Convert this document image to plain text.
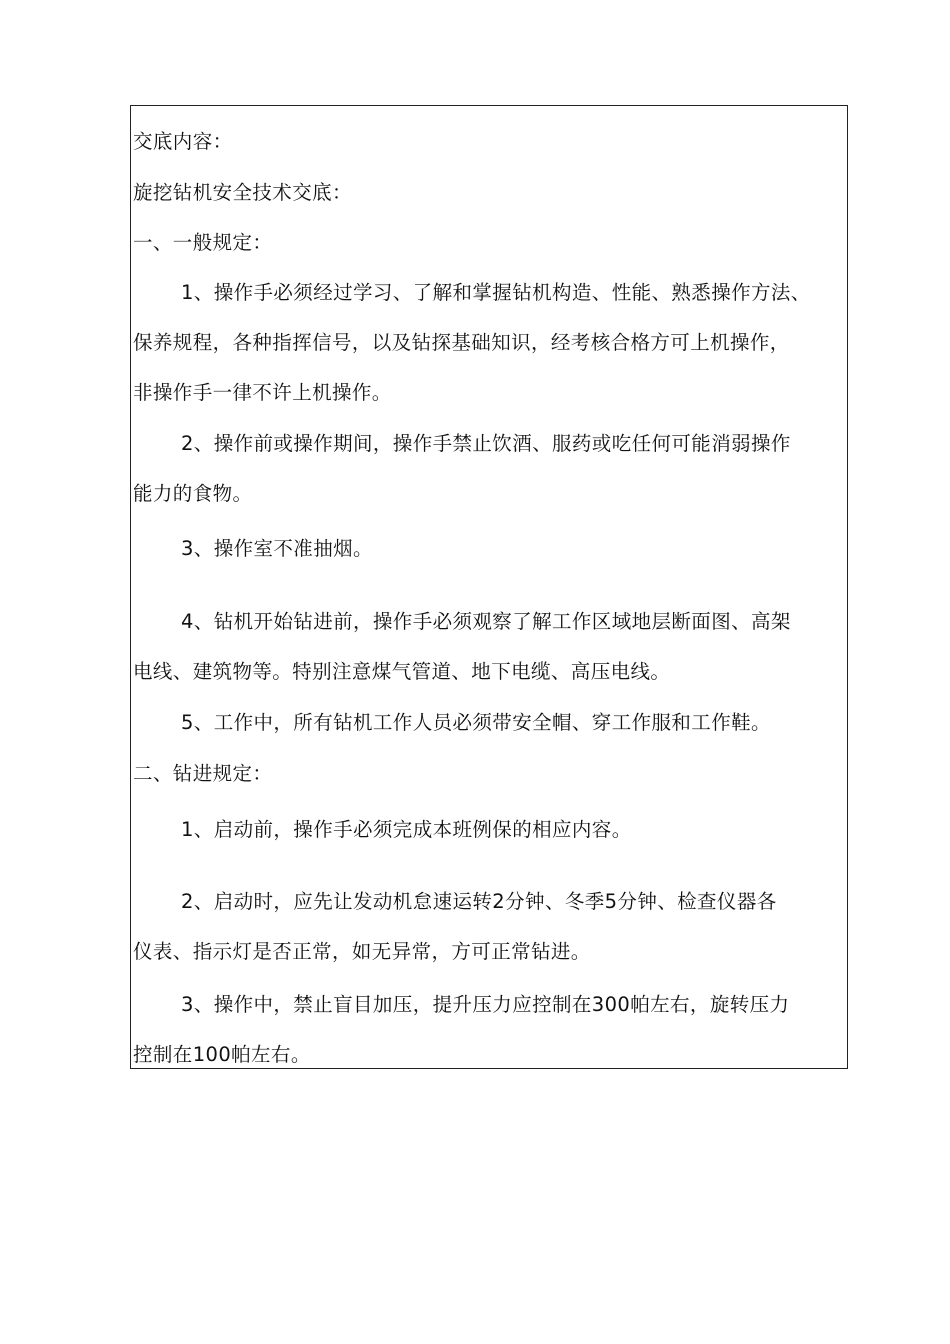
交底内容：
旋挖钻机安全技术交底：
一、一般规定：
1、操作手必须经过学习、了解和掌握钻机构造、性能、熟悉操作方法、
保养规程，各种指挥信号，以及钻探基础知识，经考核合格方可上机操作，
非操作手一律不许上机操作。
2、操作前或操作期间，操作手禁止饮酒、服药或吃任何可能消弱操作
能力的食物。
3、操作室不准抽烟。
4、钻机开始钻进前，操作手必须观察了解工作区域地层断面图、高架
电线、建筑物等。特别注意煤气管道、地下电缆、高压电线。
5、工作中，所有钻机工作人员必须带安全帽、穿工作服和工作鞋。
二、钻进规定：
1、启动前，操作手必须完成本班例保的相应内容。
2、启动时，应先让发动机怠速运转2分钟、冬季5分钟、检查仪器各
仪表、指示灯是否正常，如无异常，方可正常钻进。
3、操作中，禁止盲目加压，提升压力应控制在300帕左右，旋转压力
控制在100帕左右。
